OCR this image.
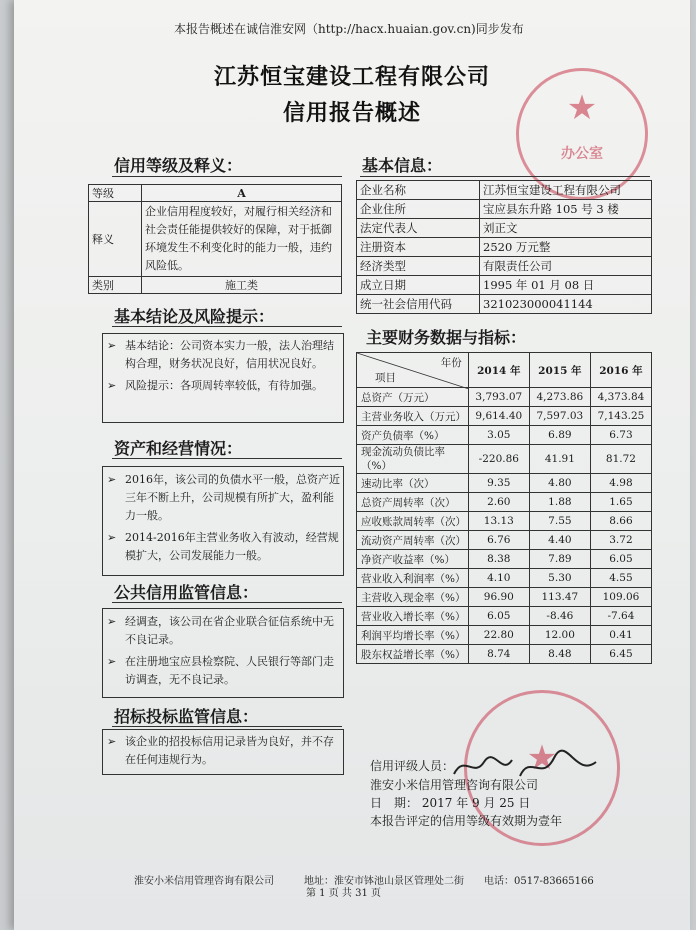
本报告概述在诚信淮安网（http://hacx.huaian.gov.cn)同步发布
江苏恒宝建设工程有限公司
信用报告概述	★
办公室
信用等级及释义：
等级	A
释义	企业信用程度较好，对履行相关经济和社会责任能提供较好的保障，对于抵御环境发生不利变化时的能力一般，违约风险低。
类别	施工类
基本结论及风险提示：
➢ 基本结论：公司资本实力一般，法人治理结构合理，财务状况良好，信用状况良好。
➢ 风险提示：各项周转率较低，有待加强。
资产和经营情况：
➢ 2016年，该公司的负债水平一般，总资产近三年不断上升，公司规模有所扩大，盈利能力一般。
➢ 2014-2016年主营业务收入有波动，经营规模扩大，公司发展能力一般。
公共信用监管信息：
➢ 经调查，该公司在省企业联合征信系统中无不良记录。
➢ 在注册地宝应县检察院、人民银行等部门走访调查，无不良记录。
招标投标监管信息：
➢ 该企业的招投标信用记录皆为良好，并不存在任何违规行为。
基本信息：
企业名称	江苏恒宝建设工程有限公司
企业住所	宝应县东升路 105 号 3 楼
法定代表人	刘正文
注册资本	2520 万元整
经济类型	有限责任公司
成立日期	1995 年 01 月 08 日
统一社会信用代码	321023000041144
主要财务数据与指标：
年份
项目	2014 年	2015 年	2016 年
总资产（万元）	3,793.07	4,273.86	4,373.84
主营业务收入（万元）	9,614.40	7,597.03	7,143.25
资产负债率（%）	3.05	6.89	6.73
现金流动负债比率（%）	-220.86	41.91	81.72
速动比率（次）	9.35	4.80	4.98
总资产周转率（次）	2.60	1.88	1.65
应收账款周转率（次）	13.13	7.55	8.66
流动资产周转率（次）	6.76	4.40	3.72
净资产收益率（%）	8.38	7.89	6.05
营业收入利润率（%）	4.10	5.30	4.55
主营收入现金率（%）	96.90	113.47	109.06
营业收入增长率（%）	6.05	-8.46	-7.64
利润平均增长率（%）	22.80	12.00	0.41
股东权益增长率（%）	8.74	8.48	6.45
★
信用评级人员：
淮安小米信用管理咨询有限公司
日　期： 2017 年 9 月 25 日
本报告评定的信用等级有效期为壹年
淮安小米信用管理咨询有限公司	地址：淮安市钵池山景区管理处二街 电话：0517-83665166
第 1 页 共 31 页
